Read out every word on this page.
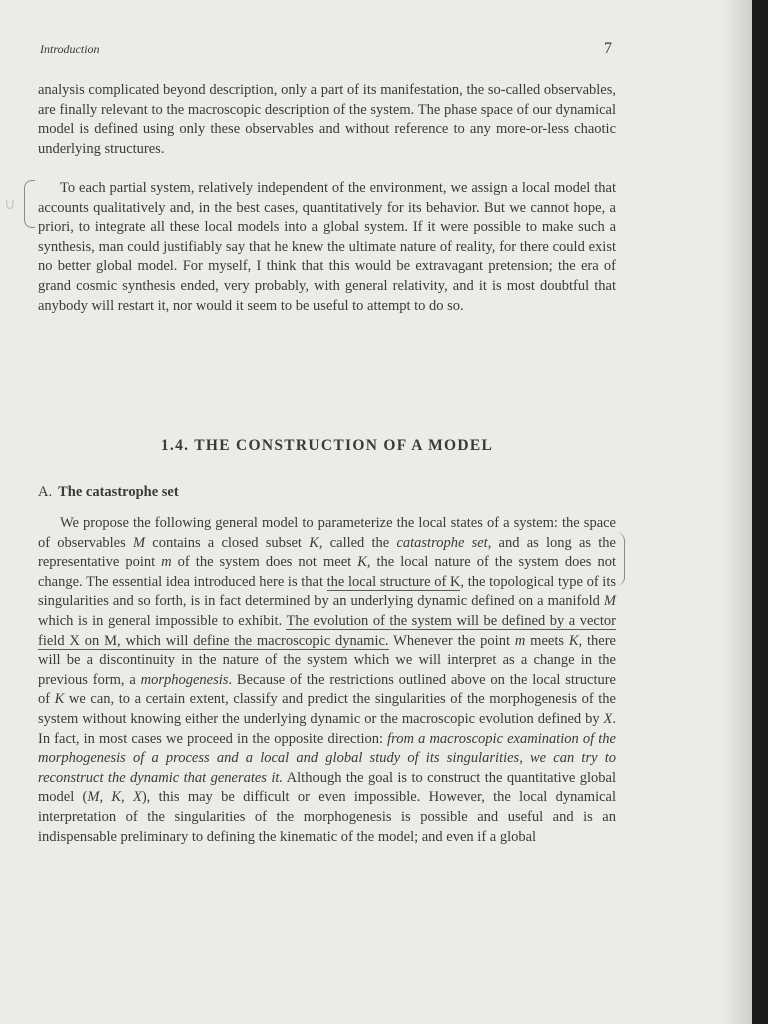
Introduction	7

analysis complicated beyond description, only a part of its manifestation, the so-called observables, are finally relevant to the macroscopic description of the system. The phase space of our dynamical model is defined using only these observables and without reference to any more-or-less chaotic underlying structures.

∪

To each partial system, relatively independent of the environment, we assign a local model that accounts qualitatively and, in the best cases, quantitatively for its behavior. But we cannot hope, a priori, to integrate all these local models into a global system. If it were possible to make such a synthesis, man could justifiably say that he knew the ultimate nature of reality, for there could exist no better global model. For myself, I think that this would be extravagant pretension; the era of grand cosmic synthesis ended, very probably, with general relativity, and it is most doubtful that anybody will restart it, nor would it seem to be useful to attempt to do so.

1.4. THE CONSTRUCTION OF A MODEL
A. The catastrophe set

We propose the following general model to parameterize the local states of a system: the space of observables M contains a closed subset K, called the catastrophe set, and as long as the representative point m of the system does not meet K, the local nature of the system does not change. The essential idea introduced here is that the local structure of K, the topological type of its singularities and so forth, is in fact determined by an underlying dynamic defined on a manifold M which is in general impossible to exhibit. The evolution of the system will be defined by a vector field X on M, which will define the macroscopic dynamic. Whenever the point m meets K, there will be a discontinuity in the nature of the system which we will interpret as a change in the previous form, a morphogenesis. Because of the restrictions outlined above on the local structure of K we can, to a certain extent, classify and predict the singularities of the morphogenesis of the system without knowing either the underlying dynamic or the macroscopic evolution defined by X. In fact, in most cases we proceed in the opposite direction: from a macroscopic examination of the morphogenesis of a process and a local and global study of its singularities, we can try to reconstruct the dynamic that generates it. Although the goal is to construct the quantitative global model (M, K, X), this may be difficult or even impossible. However, the local dynamical interpretation of the singularities of the morphogenesis is possible and useful and is an indispensable preliminary to defining the kinematic of the model; and even if a global
